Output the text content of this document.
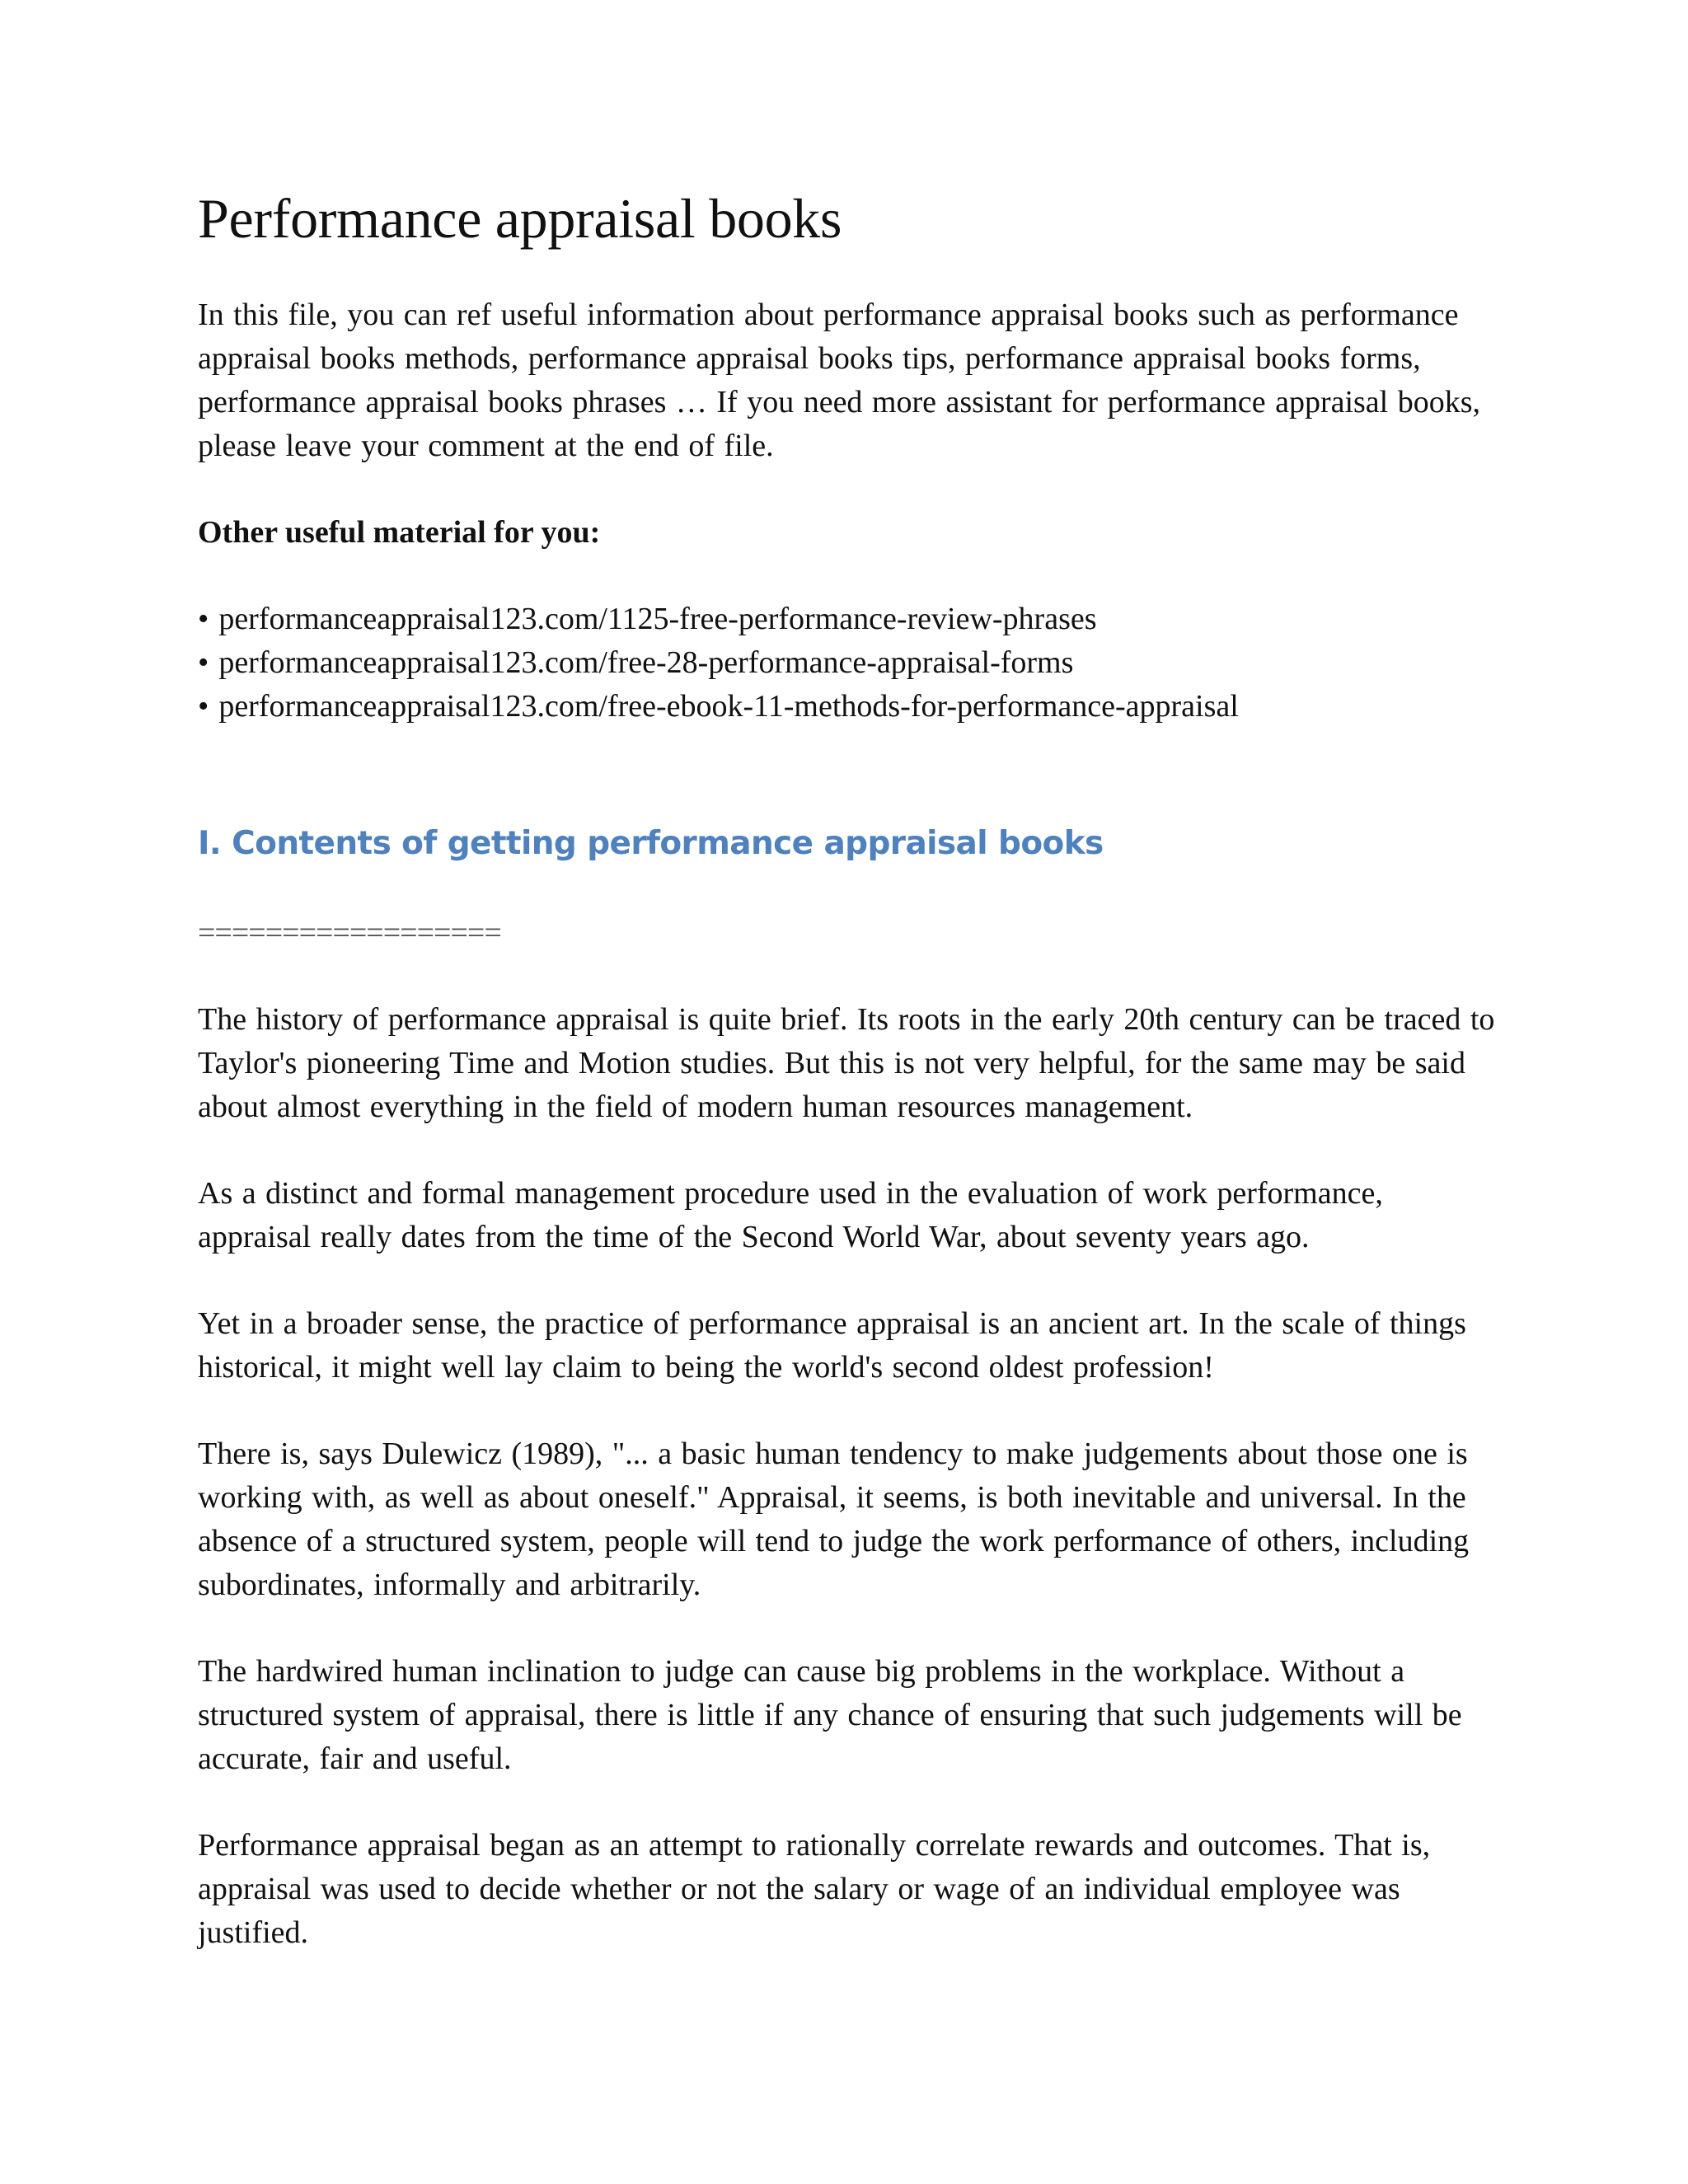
Performance appraisal books

In this file, you can ref useful information about performance appraisal books such as performance appraisal books methods, performance appraisal books tips, performance appraisal books forms, performance appraisal books phrases … If you need more assistant for performance appraisal books, please leave your comment at the end of file.

Other useful material for you:

• performanceappraisal123.com/1125-free-performance-review-phrases
• performanceappraisal123.com/free-28-performance-appraisal-forms
• performanceappraisal123.com/free-ebook-11-methods-for-performance-appraisal
I. Contents of getting performance appraisal books

==================

The history of performance appraisal is quite brief. Its roots in the early 20th century can be traced to Taylor's pioneering Time and Motion studies. But this is not very helpful, for the same may be said about almost everything in the field of modern human resources management.

As a distinct and formal management procedure used in the evaluation of work performance, appraisal really dates from the time of the Second World War, about seventy years ago.

Yet in a broader sense, the practice of performance appraisal is an ancient art. In the scale of things historical, it might well lay claim to being the world's second oldest profession!

There is, says Dulewicz (1989), "... a basic human tendency to make judgements about those one is working with, as well as about oneself." Appraisal, it seems, is both inevitable and universal. In the absence of a structured system, people will tend to judge the work performance of others, including subordinates, informally and arbitrarily.

The hardwired human inclination to judge can cause big problems in the workplace. Without a structured system of appraisal, there is little if any chance of ensuring that such judgements will be accurate, fair and useful.

Performance appraisal began as an attempt to rationally correlate rewards and outcomes. That is, appraisal was used to decide whether or not the salary or wage of an individual employee was justified.
